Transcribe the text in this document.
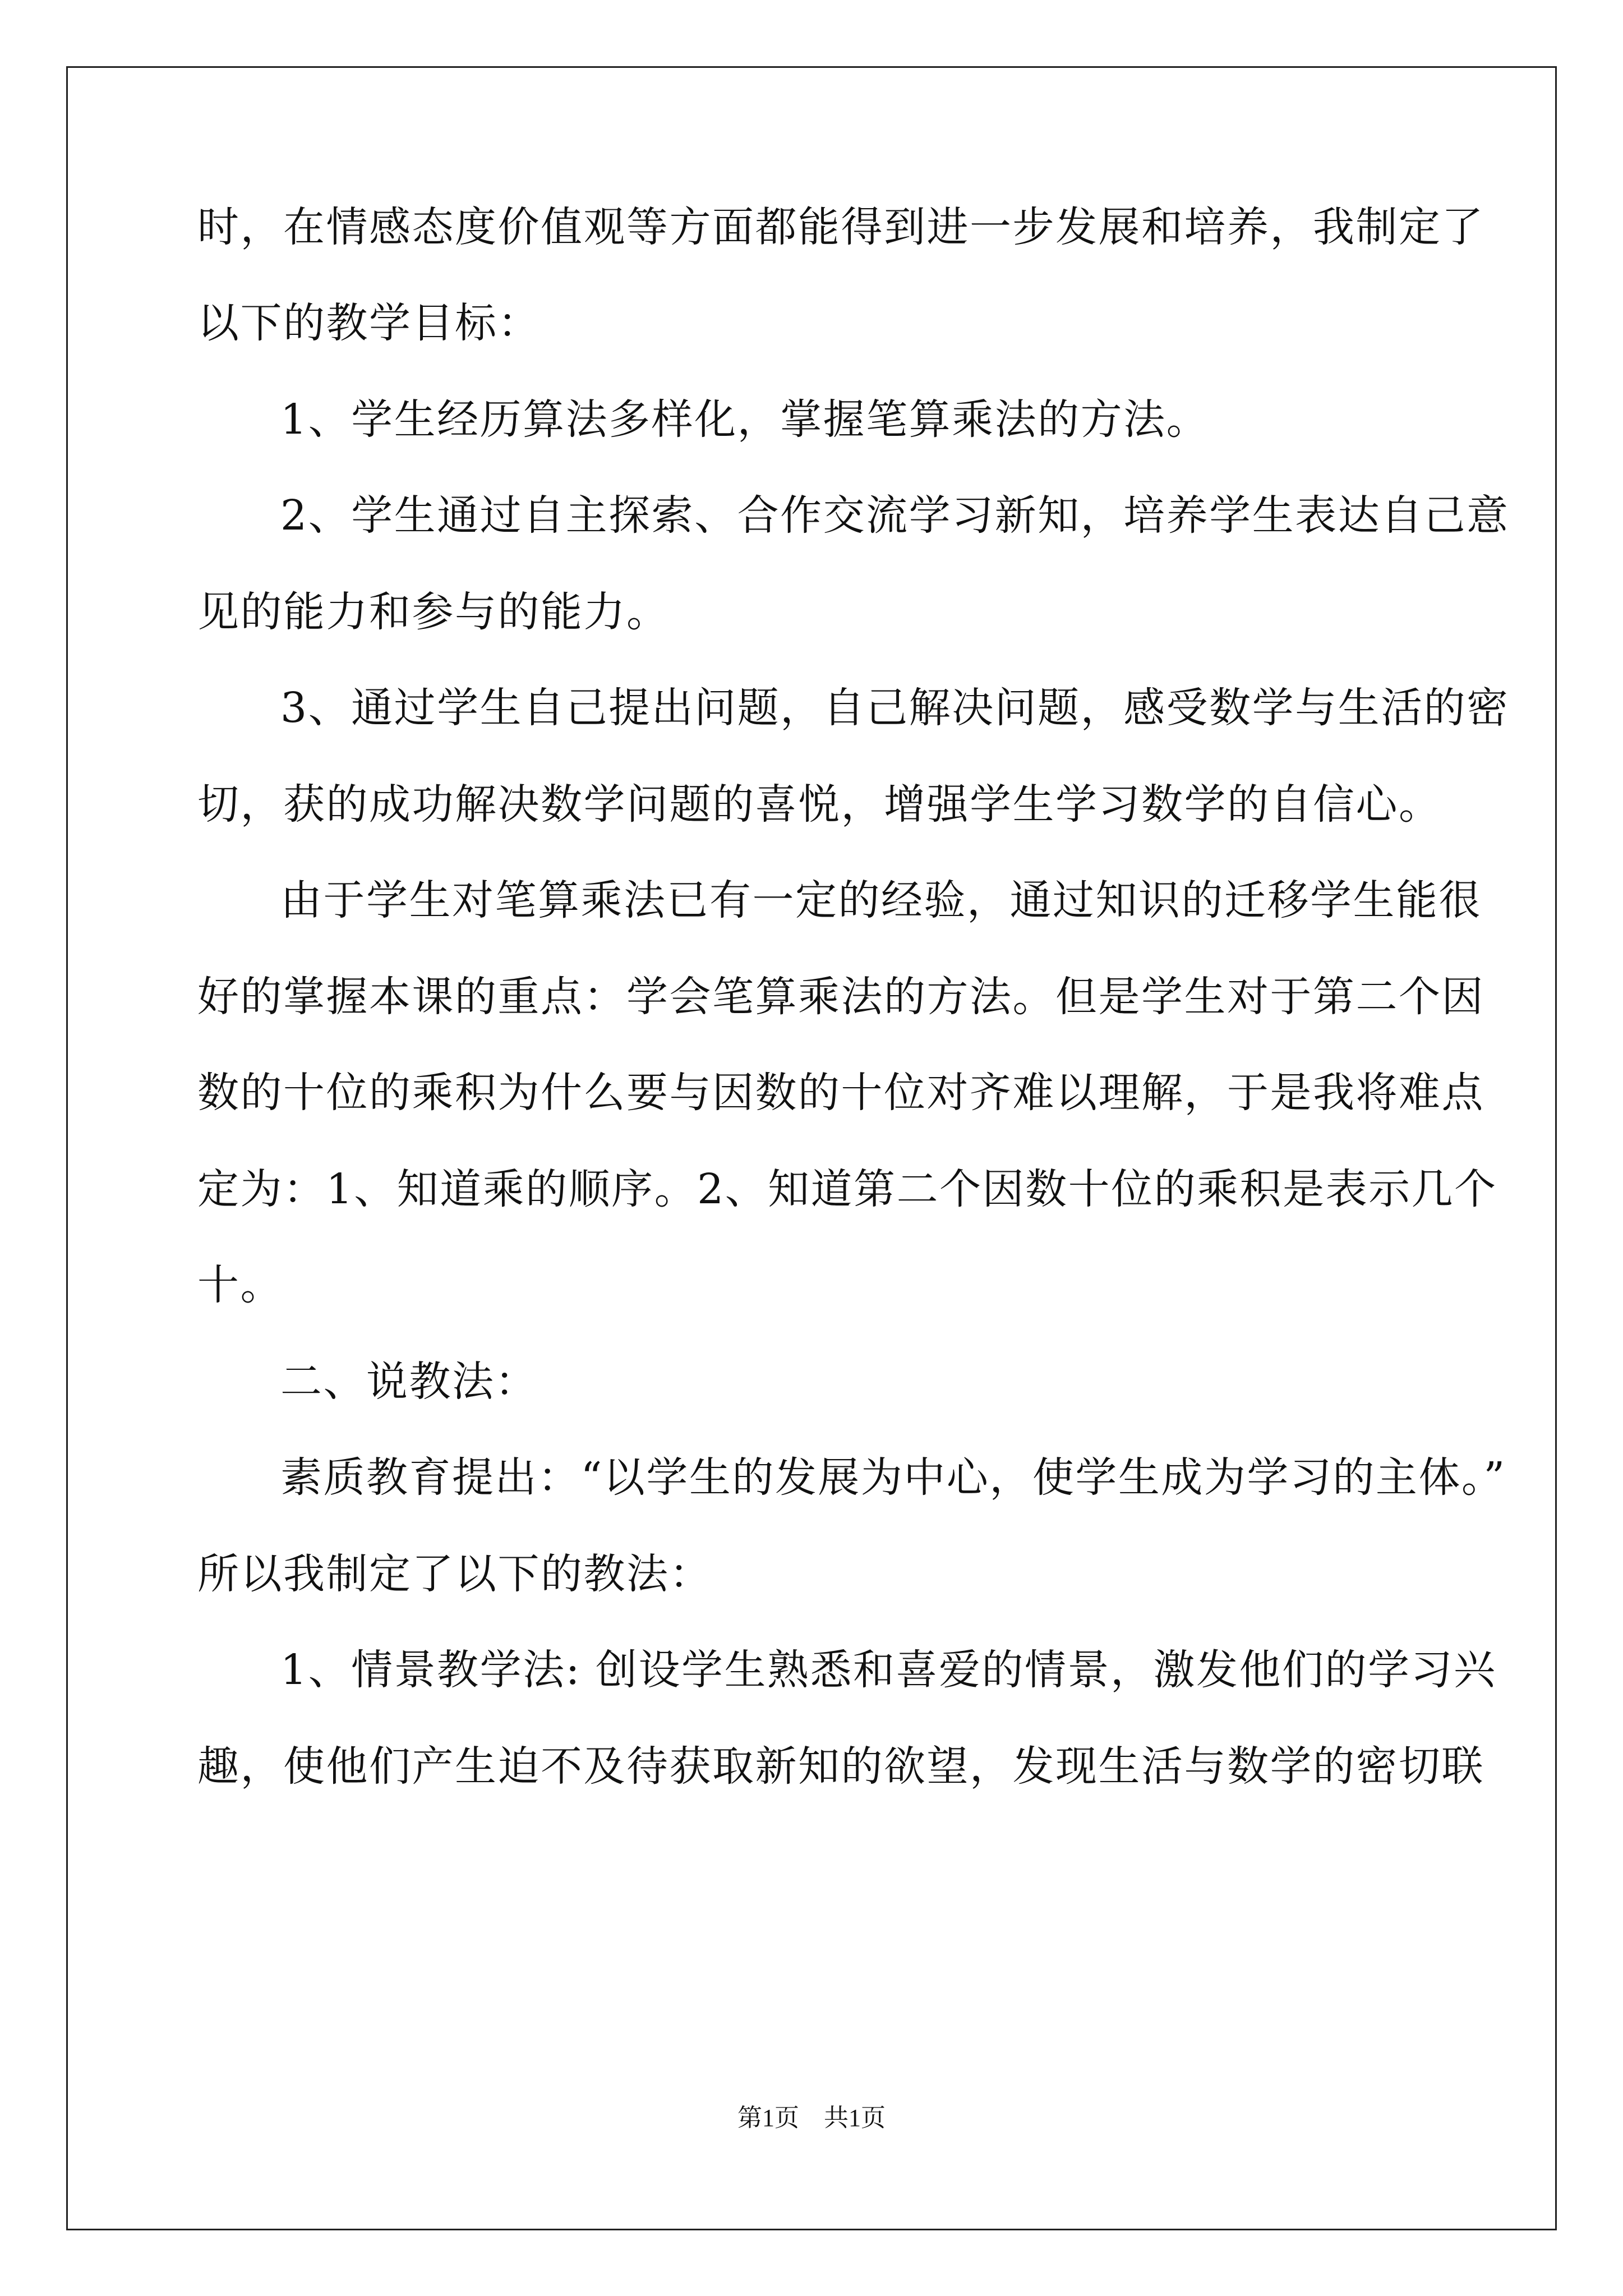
时，在情感态度价值观等方面都能得到进一步发展和培养，我制定了
以下的教学目标：
1、学生经历算法多样化，掌握笔算乘法的方法。
2、学生通过自主探索、合作交流学习新知，培养学生表达自己意
见的能力和参与的能力。
3、通过学生自己提出问题，自己解决问题，感受数学与生活的密
切，获的成功解决数学问题的喜悦，增强学生学习数学的自信心。
由于学生对笔算乘法已有一定的经验，通过知识的迁移学生能很
好的掌握本课的重点：学会笔算乘法的方法。但是学生对于第二个因
数的十位的乘积为什么要与因数的十位对齐难以理解，于是我将难点
定为：1、知道乘的顺序。2、知道第二个因数十位的乘积是表示几个
十。
二、说教法：
素质教育提出：“以学生的发展为中心，使学生成为学习的主体。”
所以我制定了以下的教法：
1、情景教学法: 创设学生熟悉和喜爱的情景，激发他们的学习兴
趣，使他们产生迫不及待获取新知的欲望，发现生活与数学的密切联
第1页　共1页
